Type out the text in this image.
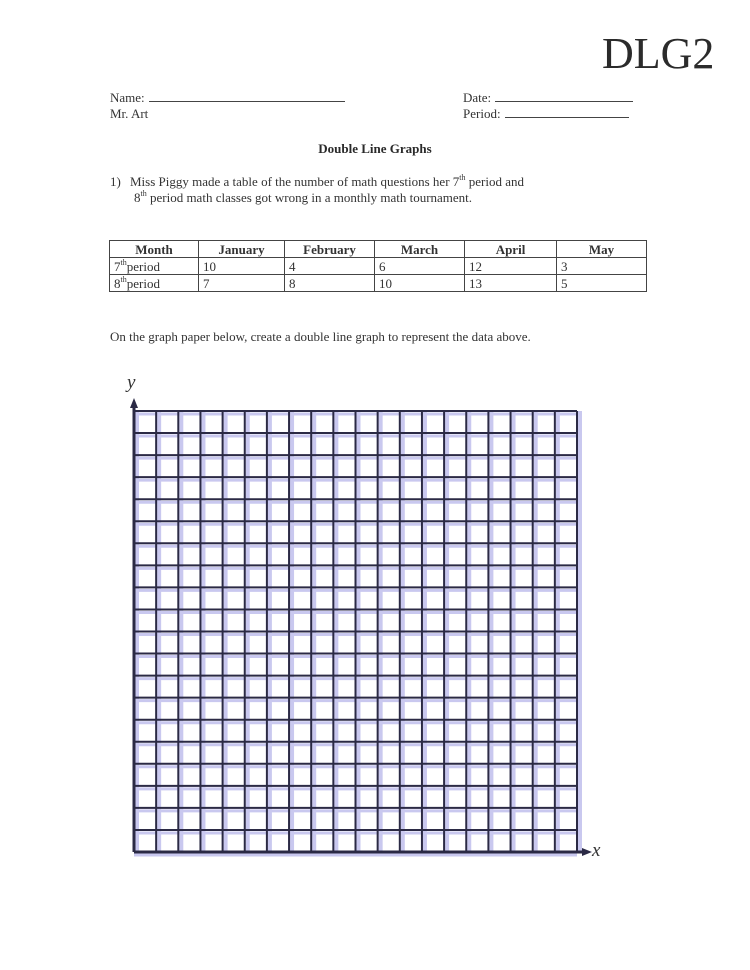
DLG2
Name:
Mr. Art
Date:
Period:
Double Line Graphs
1) Miss Piggy made a table of the number of math questions her 7th period and
8th period math classes got wrong in a monthly math tournament.
Month	January	February	March	April	May
7thperiod	10	4	6	12	3
8thperiod	7	8	10	13	5
On the graph paper below, create a double line graph to represent the data above.
y
x
